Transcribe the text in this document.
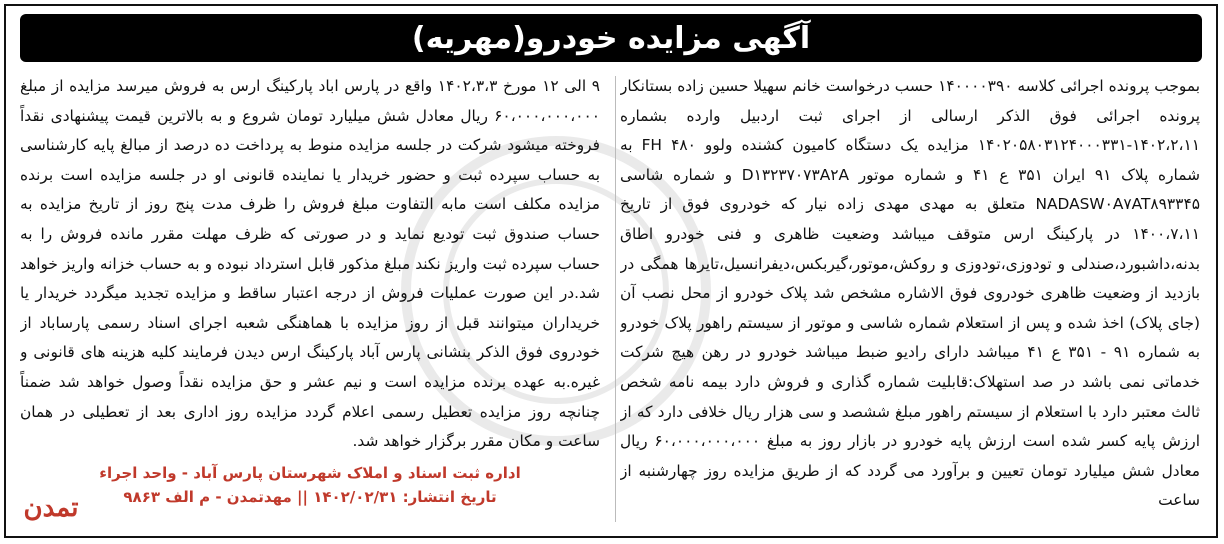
آگهی مزایده خودرو(مهریه)

بموجب پرونده اجرائی کلاسه ۱۴۰۰۰۰۳۹۰ حسب درخواست خانم سهیلا حسین زاده بستانکار پرونده اجرائی فوق الذکر ارسالی از اجرای ثبت اردبیل وارده بشماره ۱۴۰۲،۲،۱۱-۱۴۰۲۰۵۸۰۳۱۲۴۰۰۰۳۳۱ مزایده یک دستگاه کامیون کشنده ولوو ۴۸۰ FH به شماره پلاک ۹۱ ایران ۳۵۱ ع ۴۱ و شماره موتور D۱۳۲۳۷۰۷۳A۲A و شماره شاسی NADASW۰A۷AT۸۹۳۳۴۵ متعلق به مهدی مهدی زاده نیار که خودروی فوق از تاریخ ۱۴۰۰،۷،۱۱ در پارکینگ ارس متوقف میباشد وضعیت ظاهری و فنی خودرو اطاق بدنه،داشبورد،صندلی و تودوزی،تودوزی و روکش،موتور،گیربکس،دیفرانسیل،تایرها همگی در بازدید از وضعیت ظاهری خودروی فوق الاشاره مشخص شد پلاک خودرو از محل نصب آن (جای پلاک) اخذ شده و پس از استعلام شماره شاسی و موتور از سیستم راهور پلاک خودرو به شماره ۹۱ - ۳۵۱ ع ۴۱ میباشد دارای رادیو ضبط میباشد خودرو در رهن هیچ شرکت خدماتی نمی باشد در صد استهلاک:قابلیت شماره گذاری و فروش دارد بیمه نامه شخص ثالث معتبر دارد با استعلام از سیستم راهور مبلغ ششصد و سی هزار ریال خلافی دارد که از ارزش پایه کسر شده است ارزش پایه خودرو در بازار روز به مبلغ ۶۰،۰۰۰،۰۰۰،۰۰۰ ریال معادل شش میلیارد تومان تعیین و برآورد می گردد که از طریق مزایده روز چهارشنبه از ساعت

۹ الی ۱۲ مورخ ۱۴۰۲،۳،۳ واقع در پارس اباد پارکینگ ارس به فروش میرسد مزایده از مبلغ ۶۰،۰۰۰،۰۰۰،۰۰۰ ریال معادل شش میلیارد تومان شروع و به بالاترین قیمت پیشنهادی نقداً فروخته میشود شرکت در جلسه مزایده منوط به پرداخت ده درصد از مبالغ پایه کارشناسی به حساب سپرده ثبت و حضور خریدار یا نماینده قانونی او در جلسه مزایده است برنده مزایده مکلف است مابه التفاوت مبلغ فروش را ظرف مدت پنج روز از تاریخ مزایده به حساب صندوق ثبت تودیع نماید و در صورتی که ظرف مهلت مقرر مانده فروش را به حساب سپرده ثبت واریز نکند مبلغ مذکور قابل استرداد نبوده و به حساب خزانه واریز خواهد شد.در این صورت عملیات فروش از درجه اعتبار ساقط و مزایده تجدید میگردد خریدار یا خریداران میتوانند قبل از روز مزایده با هماهنگی شعبه اجرای اسناد رسمی پارساباد از خودروی فوق الذکر بنشانی پارس آباد پارکینگ ارس دیدن فرمایند کلیه هزینه های قانونی و غیره.به عهده برنده مزایده است و نیم عشر و حق مزایده نقداً وصول خواهد شد ضمناً چنانچه روز مزایده تعطیل رسمی اعلام گردد مزایده روز اداری بعد از تعطیلی در همان ساعت و مکان مقرر برگزار خواهد شد.

اداره ثبت اسناد و املاک شهرستان پارس آباد - واحد اجراء
تاریخ انتشار: ۱۴۰۲/۰۲/۳۱ || مهدتمدن - م الف ۹۸۶۳
تمدن
